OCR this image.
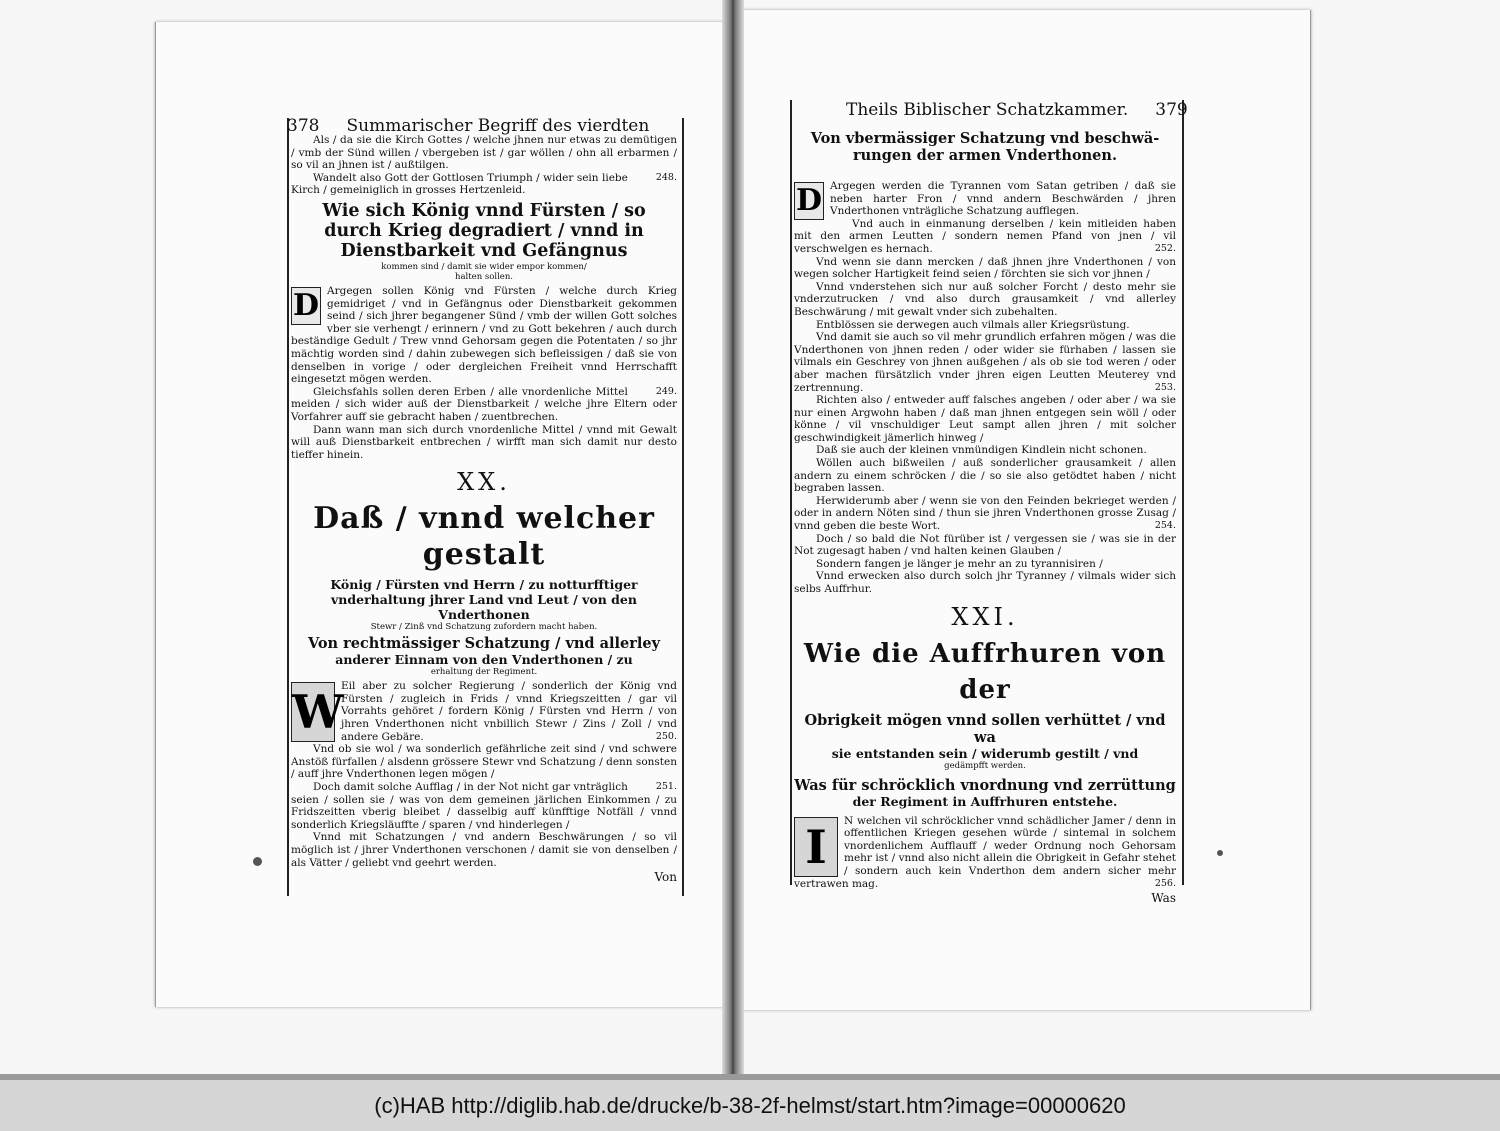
378 Summarischer Begriff des vierdten

Als / da sie die Kirch Gottes / welche jhnen nur etwas zu demütigen / vmb der Sünd willen / vbergeben ist / gar wöllen / ohn all erbarmen / so vil an jhnen ist / außtilgen.

248.
Wandelt also Gott der Gottlosen Triumph / wider sein liebe Kirch / gemeiniglich in grosses Hertzenleid.

Wie sich König vnnd Fürsten / so durch Krieg degradiert / vnnd in Dienstbarkeit vnd Gefängnus
kommen sind / damit sie wider empor kommen/
halten sollen.

D Argegen sollen König vnd Fürsten / welche durch Krieg gemidriget / vnd in Gefängnus oder Dienstbarkeit gekommen seind / sich jhrer begangener Sünd / vmb der willen Gott solches vber sie verhengt / erinnern / vnd zu Gott bekehren / auch durch beständige Gedult / Trew vnnd Gehorsam gegen die Potentaten / so jhr mächtig worden sind / dahin zubewegen sich befleissigen / daß sie von denselben in vorige / oder dergleichen Freiheit vnnd Herrschafft eingesetzt mögen werden.

249.
Gleichsfahls sollen deren Erben / alle vnordenliche Mittel meiden / sich wider auß der Dienstbarkeit / welche jhre Eltern oder Vorfahrer auff sie gebracht haben / zuentbrechen.

Dann wann man sich durch vnordenliche Mittel / vnnd mit Gewalt will auß Dienstbarkeit entbrechen / wirfft man sich damit nur desto tieffer hinein.

XX.
Daß / vnnd welcher gestalt
König / Fürsten vnd Herrn / zu notturfftiger vnderhaltung jhrer Land vnd Leut / von den Vnderthonen
Stewr / Zinß vnd Schatzung zufordern macht haben.
Von rechtmässiger Schatzung / vnd allerley
anderer Einnam von den Vnderthonen / zu
erhaltung der Regiment.

W
Eil aber zu solcher Regierung / sonderlich der König vnd Fürsten / zugleich in Frids / vnnd Kriegszeitten / gar vil Vorrahts gehöret / fordern König / Fürsten vnd Herrn / von jhren Vnderthonen nicht vnbillich Stewr / Zins / Zoll / vnd andere Gebäre.	250.

Vnd ob sie wol / wa sonderlich gefährliche zeit sind / vnd schwere Anstöß fürfallen / alsdenn grössere Stewr vnd Schatzung / denn sonsten / auff jhre Vnderthonen legen mögen /

251.
Doch damit solche Aufflag / in der Not nicht gar vnträglich seien / sollen sie / was von dem gemeinen järlichen Einkommen / zu Fridszeitten vberig bleibet / dasselbig auff künfftige Notfäll / vnnd sonderlich Kriegsläuffte / sparen / vnd hinderlegen /

Vnnd mit Schatzungen / vnd andern Beschwärungen / so vil möglich ist / jhrer Vnderthonen verschonen / damit sie von denselben / als Vätter / geliebt vnd geehrt werden.

Von
Theils Biblischer Schatzkammer. 379
Von vbermässiger Schatzung vnd beschwä-
rungen der armen Vnderthonen.

D Argegen werden die Tyrannen vom Satan getriben / daß sie neben harter Fron / vnnd andern Beschwärden / jhren Vnderthonen vnträgliche Schatzung aufflegen.

Vnd auch in einmanung derselben / kein mitleiden haben mit den armen Leutten / sondern nemen Pfand von jnen / vil verschwelgen es hernach.	252.

Vnd wenn sie dann mercken / daß jhnen jhre Vnderthonen / von wegen solcher Hartigkeit feind seien / förchten sie sich vor jhnen /

Vnnd vnderstehen sich nur auß solcher Forcht / desto mehr sie vnderzutrucken / vnd also durch grausamkeit / vnd allerley Beschwärung / mit gewalt vnder sich zubehalten.

Entblössen sie derwegen auch vilmals aller Kriegsrüstung.

Vnd damit sie auch so vil mehr grundlich erfahren mögen / was die Vnderthonen von jhnen reden / oder wider sie fürhaben / lassen sie vilmals ein Geschrey von jhnen außgehen / als ob sie tod weren / oder aber machen fürsätzlich vnder jhren eigen Leutten Meuterey vnd zertrennung.	253.

Richten also / entweder auff falsches angeben / oder aber / wa sie nur einen Argwohn haben / daß man jhnen entgegen sein wöll / oder könne / vil vnschuldiger Leut sampt allen jhren / mit solcher geschwindigkeit jämerlich hinweg /

Daß sie auch der kleinen vnmündigen Kindlein nicht schonen.

Wöllen auch bißweilen / auß sonderlicher grausamkeit / allen andern zu einem schröcken / die / so sie also getödtet haben / nicht begraben lassen.

Herwiderumb aber / wenn sie von den Feinden bekrieget werden / oder in andern Nöten sind / thun sie jhren Vnderthonen grosse Zusag / vnnd geben die beste Wort.	254.

Doch / so bald die Not fürüber ist / vergessen sie / was sie in der Not zugesagt haben / vnd halten keinen Glauben /

Sondern fangen je länger je mehr an zu tyrannisiren /

Vnnd erwecken also durch solch jhr Tyranney / vilmals wider sich selbs Auffrhur.

XXI.
Wie die Auffrhuren von der
Obrigkeit mögen vnnd sollen verhüttet / vnd wa
sie entstanden sein / widerumb gestilt / vnd
gedämpfft werden.
Was für schröcklich vnordnung vnd zerrüttung
der Regiment in Auffrhuren entstehe.

I	N welchen vil schröcklicher vnnd schädlicher Jamer / denn in offentlichen Kriegen gesehen würde / sintemal in solchem vnordenlichem Aufflauff / weder Ordnung noch Gehorsam mehr ist / vnnd also nicht allein die Obrigkeit in Gefahr stehet / sondern auch kein Vnderthon dem andern sicher mehr vertrawen mag.	256.

Was
(c)HAB http://diglib.hab.de/drucke/b-38-2f-helmst/start.htm?image=00000620
